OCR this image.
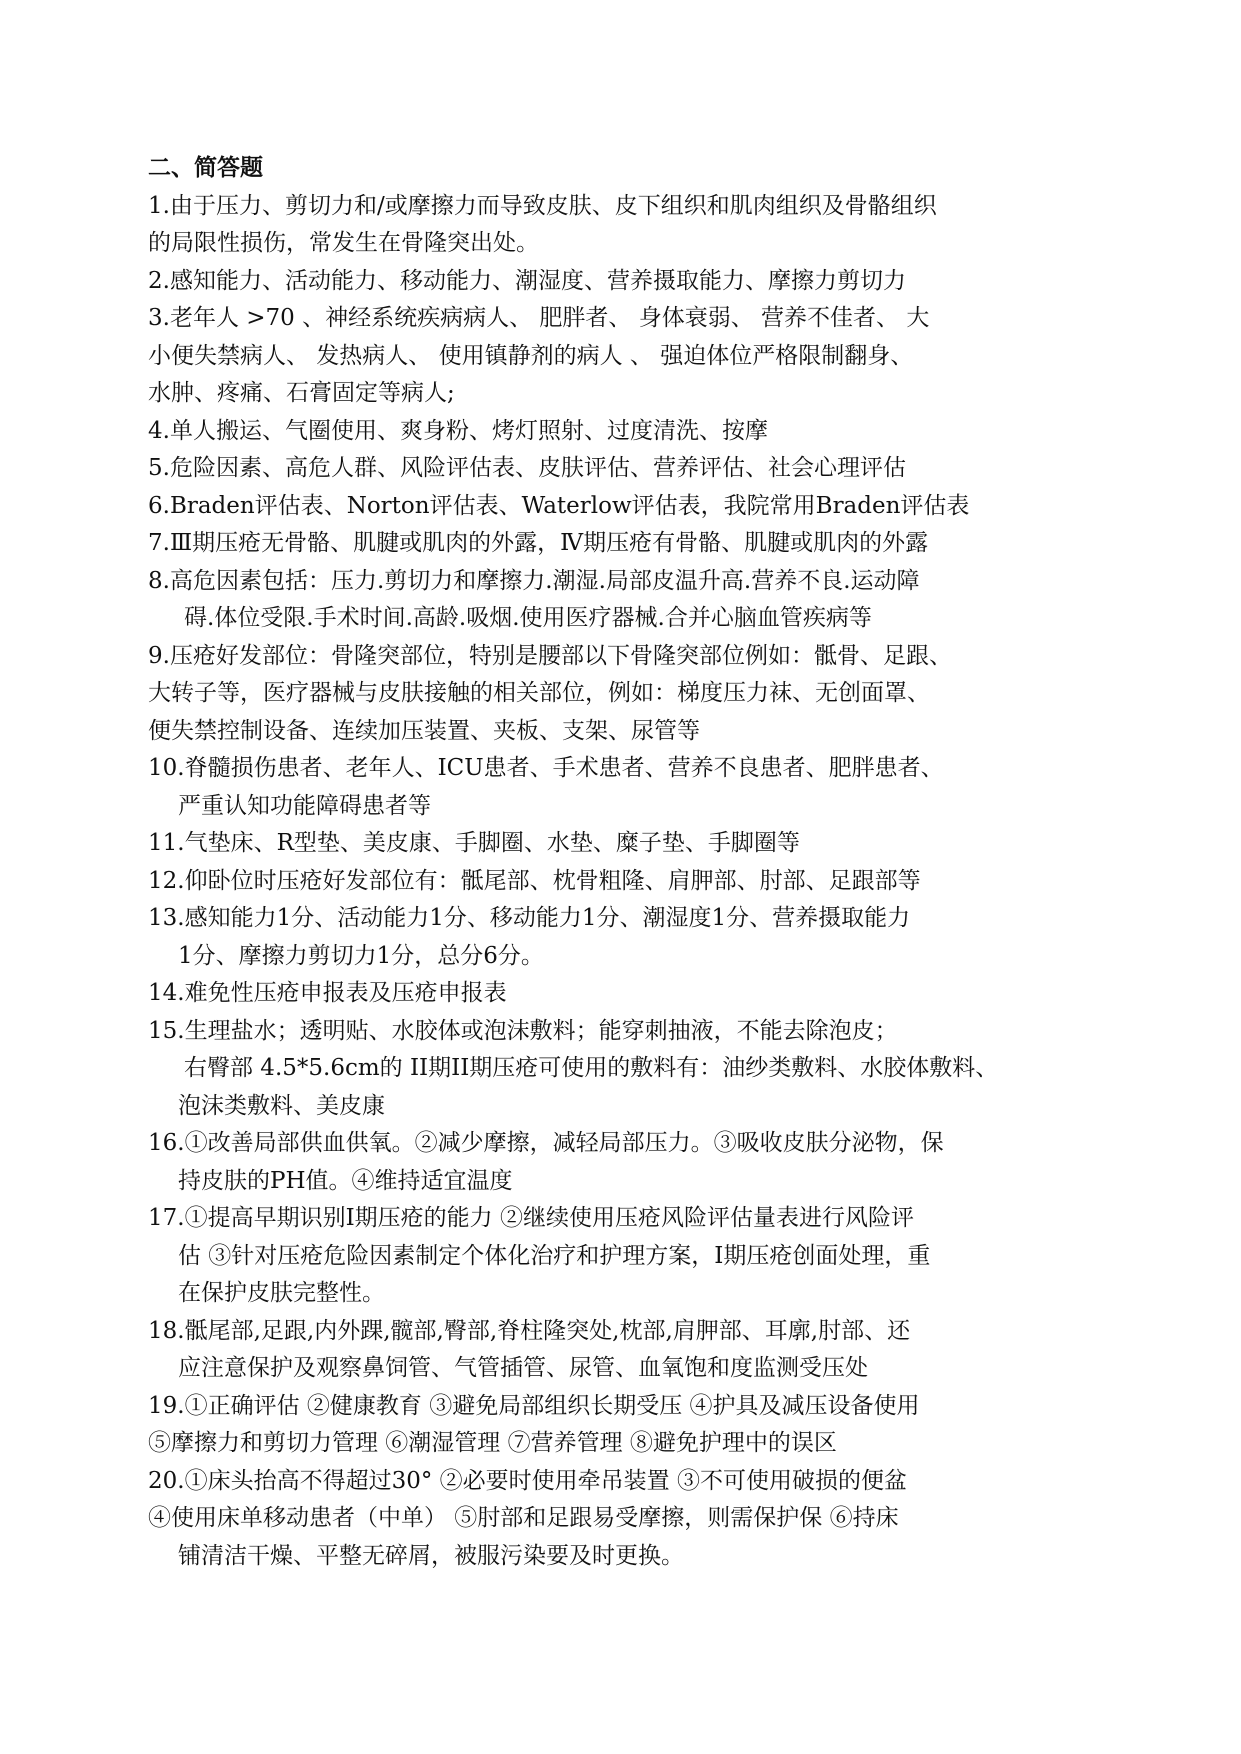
二、简答题

1.由于压力、剪切力和/或摩擦力而导致皮肤、皮下组织和肌肉组织及骨骼组织

的局限性损伤，常发生在骨隆突出处。

2.感知能力、活动能力、移动能力、潮湿度、营养摄取能力、摩擦力剪切力

3.老年人 >70 、神经系统疾病病人、 肥胖者、 身体衰弱、 营养不佳者、 大

小便失禁病人、 发热病人、 使用镇静剂的病人 、 强迫体位严格限制翻身、

水肿、疼痛、石膏固定等病人;

4.单人搬运、气圈使用、爽身粉、烤灯照射、过度清洗、按摩

5.危险因素、高危人群、风险评估表、皮肤评估、营养评估、社会心理评估

6.Braden评估表、Norton评估表、Waterlow评估表，我院常用Braden评估表

7.Ⅲ期压疮无骨骼、肌腱或肌肉的外露，Ⅳ期压疮有骨骼、肌腱或肌肉的外露

8.高危因素包括：压力.剪切力和摩擦力.潮湿.局部皮温升高.营养不良.运动障

碍.体位受限.手术时间.高龄.吸烟.使用医疗器械.合并心脑血管疾病等

9.压疮好发部位：骨隆突部位，特别是腰部以下骨隆突部位例如：骶骨、足跟、

大转子等，医疗器械与皮肤接触的相关部位，例如：梯度压力袜、无创面罩、

便失禁控制设备、连续加压装置、夹板、支架、尿管等

10.脊髓损伤患者、老年人、ICU患者、手术患者、营养不良患者、肥胖患者、

严重认知功能障碍患者等

11.气垫床、R型垫、美皮康、手脚圈、水垫、糜子垫、手脚圈等

12.仰卧位时压疮好发部位有：骶尾部、枕骨粗隆、肩胛部、肘部、足跟部等

13.感知能力1分、活动能力1分、移动能力1分、潮湿度1分、营养摄取能力

1分、摩擦力剪切力1分，总分6分。

14.难免性压疮申报表及压疮申报表

15.生理盐水；透明贴、水胶体或泡沫敷料；能穿刺抽液，不能去除泡皮；

右臀部 4.5*5.6cm的 II期II期压疮可使用的敷料有：油纱类敷料、水胶体敷料、

泡沫类敷料、美皮康

16.①改善局部供血供氧。②减少摩擦，减轻局部压力。③吸收皮肤分泌物，保

持皮肤的PH值。④维持适宜温度

17.①提高早期识别Ⅰ期压疮的能力 ②继续使用压疮风险评估量表进行风险评

估 ③针对压疮危险因素制定个体化治疗和护理方案，Ⅰ期压疮创面处理，重

在保护皮肤完整性。

18.骶尾部,足跟,内外踝,髋部,臀部,脊柱隆突处,枕部,肩胛部、耳廓,肘部、还

应注意保护及观察鼻饲管、气管插管、尿管、血氧饱和度监测受压处

19.①正确评估 ②健康教育 ③避免局部组织长期受压 ④护具及减压设备使用

⑤摩擦力和剪切力管理 ⑥潮湿管理 ⑦营养管理 ⑧避免护理中的误区

20.①床头抬高不得超过30° ②必要时使用牵吊装置 ③不可使用破损的便盆

④使用床单移动患者（中单） ⑤肘部和足跟易受摩擦，则需保护保 ⑥持床

铺清洁干燥、平整无碎屑，被服污染要及时更换。
